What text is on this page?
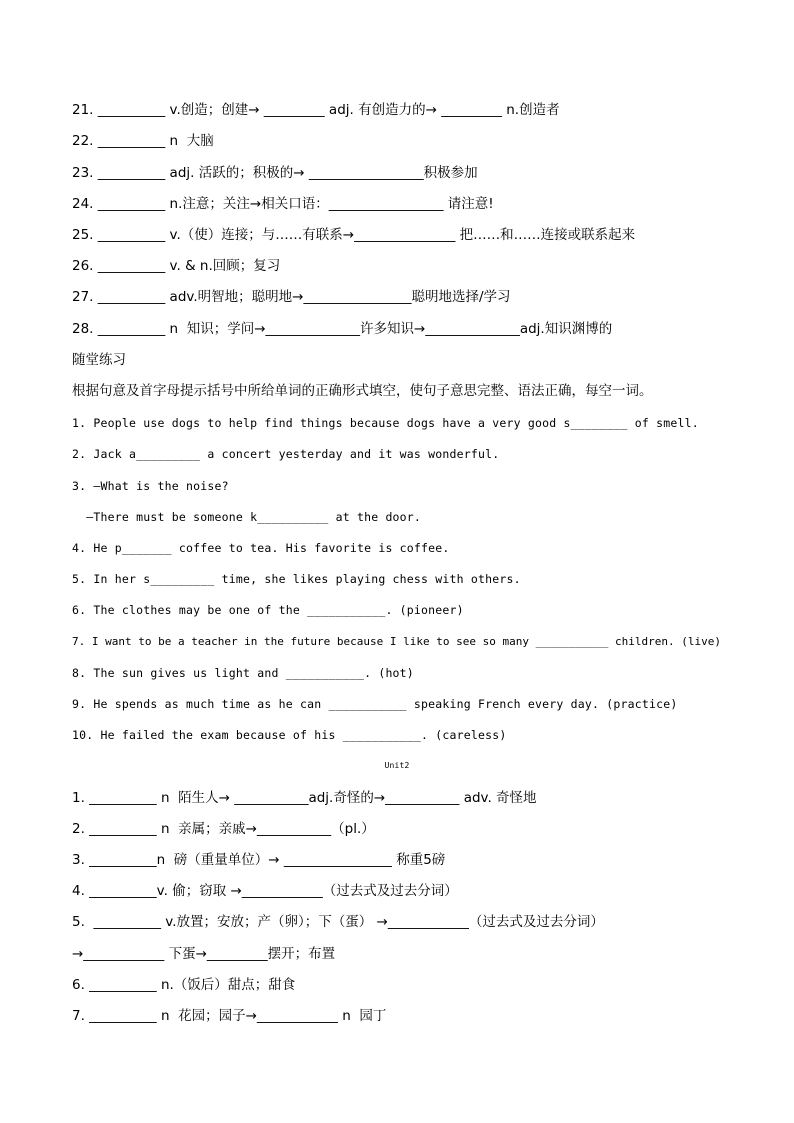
21. __________ v.创造；创建→ _________ adj. 有创造力的→ _________ n.创造者
22. __________ n  大脑
23. __________ adj. 活跃的；积极的→ _________________积极参加
24. __________ n.注意；关注→相关口语：_________________ 请注意!
25. __________ v.（使）连接；与……有联系→_______________ 把……和……连接或联系起来
26. __________ v. & n.回顾；复习
27. __________ adv.明智地；聪明地→________________聪明地选择/学习
28. __________ n  知识；学问→______________许多知识→______________adj.知识渊博的
随堂练习
根据句意及首字母提示括号中所给单词的正确形式填空，使句子意思完整、语法正确，每空一词。
1. People use dogs to help find things because dogs have a very good s________ of smell.
2. Jack a_________ a concert yesterday and it was wonderful.
3. —What is the noise?
—There must be someone k__________ at the door.
4. He p_______ coffee to tea. His favorite is coffee.
5. In her s_________ time, she likes playing chess with others.
6. The clothes may be one of the ___________. (pioneer)
7. I want to be a teacher in the future because I like to see so many ___________ children. (live)
8. The sun gives us light and ___________. (hot)
9. He spends as much time as he can ___________ speaking French every day. (practice)
10. He failed the exam because of his ___________. (careless)
Unit2
1. __________ n  陌生人→ ___________adj.奇怪的→___________ adv. 奇怪地
2. __________ n  亲属；亲戚→___________（pl.）
3. __________n  磅（重量单位）→ ________________ 称重5磅
4. __________v. 偷；窃取 →____________（过去式及过去分词）
5.  __________ v.放置；安放；产（卵）；下（蛋） →____________（过去式及过去分词）
→____________ 下蛋→_________摆开；布置
6. __________ n.（饭后）甜点；甜食
7. __________ n  花园；园子→____________ n  园丁
